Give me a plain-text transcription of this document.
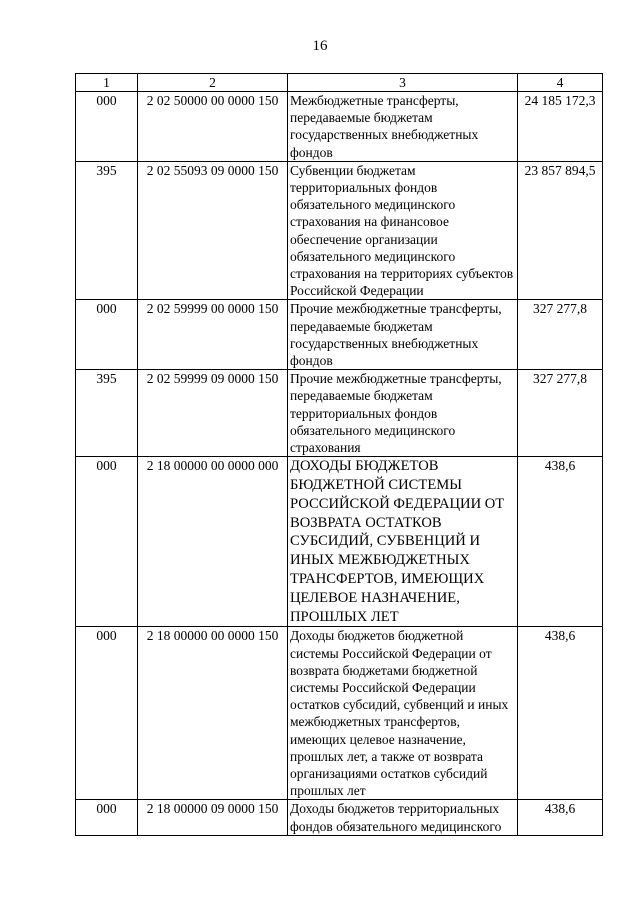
16
1	2	3	4
000	2 02 50000 00 0000 150	Межбюджетные трансферты, передаваемые бюджетам государственных внебюджетных фондов	24 185 172,3
395	2 02 55093 09 0000 150	Субвенции бюджетам территориальных фондов обязательного медицинского страхования на финансовое обеспечение организации обязательного медицинского страхования на территориях субъектов Российской Федерации	23 857 894,5
000	2 02 59999 00 0000 150	Прочие межбюджетные трансферты, передаваемые бюджетам государственных внебюджетных фондов	327 277,8
395	2 02 59999 09 0000 150	Прочие межбюджетные трансферты, передаваемые бюджетам территориальных фондов обязательного медицинского страхования	327 277,8
000	2 18 00000 00 0000 000	ДОХОДЫ БЮДЖЕТОВ БЮДЖЕТНОЙ СИСТЕМЫ РОССИЙСКОЙ ФЕДЕРАЦИИ ОТ ВОЗВРАТА ОСТАТКОВ СУБСИДИЙ, СУБВЕНЦИЙ И ИНЫХ МЕЖБЮДЖЕТНЫХ ТРАНСФЕРТОВ, ИМЕЮЩИХ ЦЕЛЕВОЕ НАЗНАЧЕНИЕ, ПРОШЛЫХ ЛЕТ	438,6
000	2 18 00000 00 0000 150	Доходы бюджетов бюджетной системы Российской Федерации от возврата бюджетами бюджетной системы Российской Федерации остатков субсидий, субвенций и иных межбюджетных трансфертов, имеющих целевое назначение, прошлых лет, а также от возврата организациями остатков субсидий прошлых лет	438,6
000	2 18 00000 09 0000 150	Доходы бюджетов территориальных фондов обязательного медицинского	438,6
